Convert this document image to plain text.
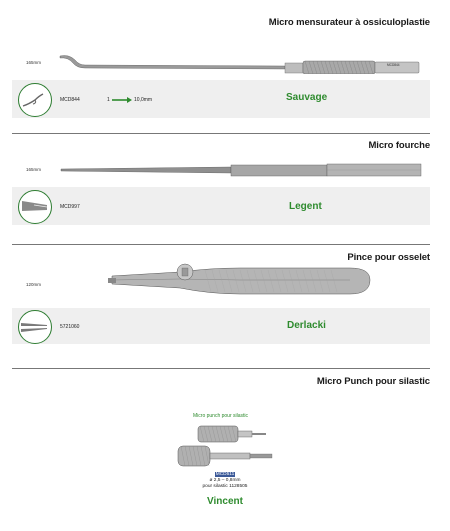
Micro mensurateur à ossiculoplastie
165mm	MCD844
MCD844	1	10,0mm	Sauvage
Micro fourche
165mm
MCD997	Legent
Pince pour osselet
120mm
5721060	Derlacki
Micro Punch pour silastic
Micro punch pour silastic
MCD511
ø 2,5 – 0,8mm
pour silastic 1128505
Vincent
